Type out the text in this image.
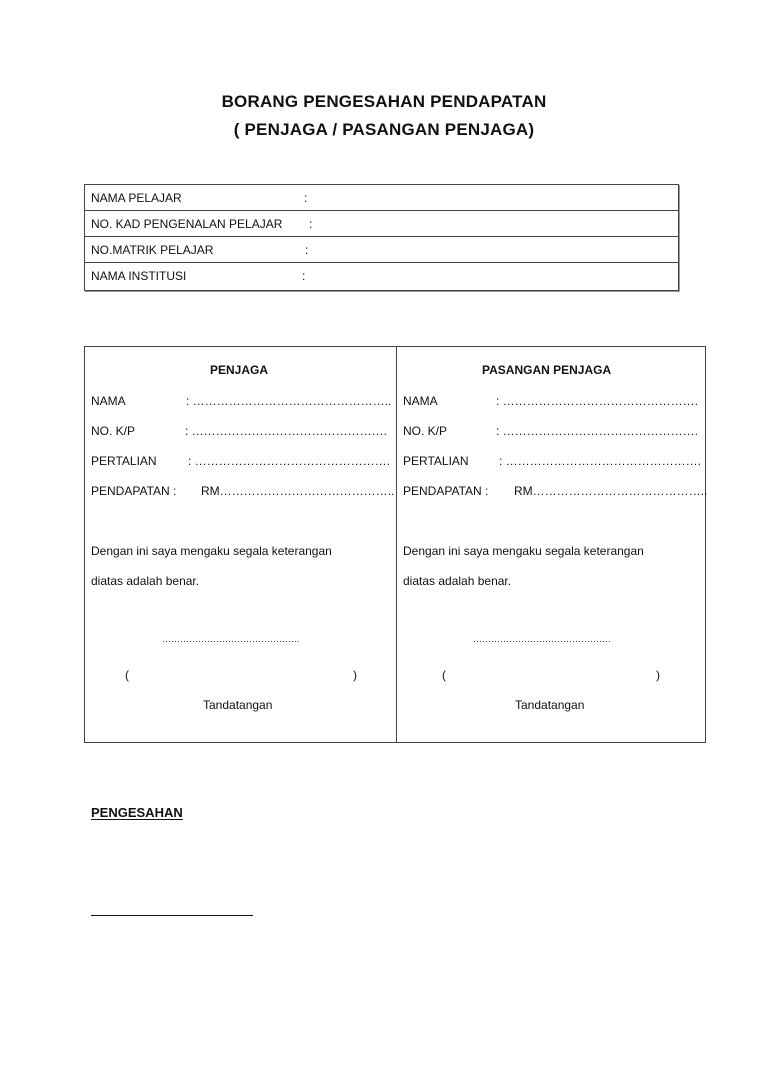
BORANG PENGESAHAN PENDAPATAN
( PENJAGA / PASANGAN PENJAGA)
NAMA PELAJAR	:
NO. KAD PENGENALAN PELAJAR :
NO.MATRIK PELAJAR	:
NAMA INSTITUSI	:
PENJAGA
NAMA	: …………………………………………..
NO. K/P	: ………………………………………….
PERTALIAN	: ………………………………………….
PENDAPATAN : RM……………………………………..
Dengan ini saya mengaku segala keterangan
diatas adalah benar.
……………………………………….
(	)
Tandatangan
PASANGAN PENJAGA
NAMA	: ………………………………………….
NO. K/P	: ………………………………………….
PERTALIAN	: ………………………………………….
PENDAPATAN : RM……………………………………..
Dengan ini saya mengaku segala keterangan
diatas adalah benar.
……………………………………….
(	)
Tandatangan
PENGESAHAN
